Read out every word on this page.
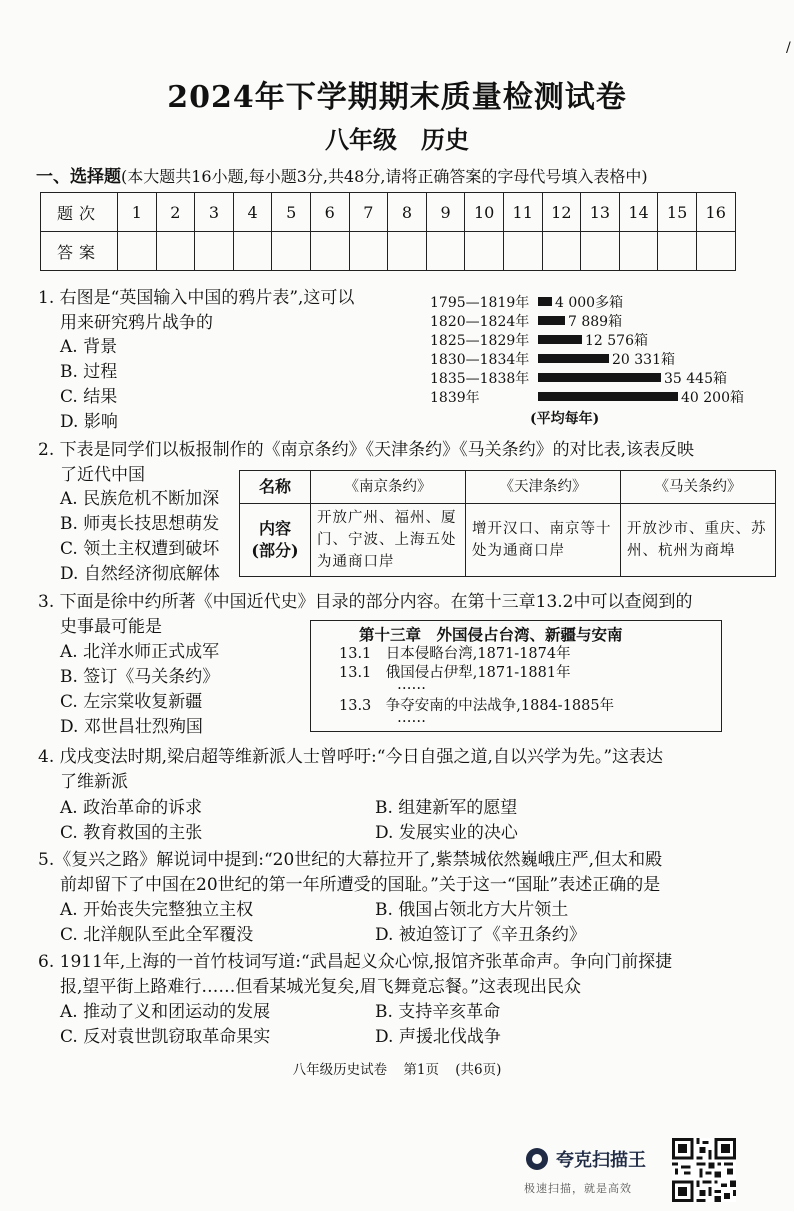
/
2024年下学期期末质量检测试卷
八年级　历史
一、选择题(本大题共16小题,每小题3分,共48分,请将正确答案的字母代号填入表格中)
题次	1	2	3	4	5	6	7	8	9	10	11	12	13	14	15	16
答案																
1. 右图是“英国输入中国的鸦片表”,这可以
用来研究鸦片战争的
A. 背景
B. 过程
C. 结果
D. 影响	(平均每年)
1795—1819年	4 000多箱
1820—1824年	7 889箱
1825—1829年	12 576箱
1830—1834年	20 331箱
1835—1838年	35 445箱
1839年	40 200箱
2. 下表是同学们以板报制作的《南京条约》《天津条约》《马关条约》的对比表,该表反映
了近代中国
A. 民族危机不断加深
B. 师夷长技思想萌发
C. 领土主权遭到破坏
D. 自然经济彻底解体
名称	《南京条约》	《天津条约》	《马关条约》

内容
(部分)	开放广州、福州、厦门、宁波、上海五处为通商口岸	增开汉口、南京等十处为通商口岸	开放沙市、重庆、苏州、杭州为商埠
3. 下面是徐中约所著《中国近代史》目录的部分内容。在第十三章13.2中可以查阅到的
史事最可能是
A. 北洋水师正式成军
B. 签订《马关条约》
C. 左宗棠收复新疆
D. 邓世昌壮烈殉国
第十三章　外国侵占台湾、新疆与安南
13.1　日本侵略台湾,1871-1874年
13.1　俄国侵占伊犁,1871-1881年
……
13.3　争夺安南的中法战争,1884-1885年
……
4. 戊戌变法时期,梁启超等维新派人士曾呼吁:“今日自强之道,自以兴学为先。”这表达
了维新派
A. 政治革命的诉求	B. 组建新军的愿望
C. 教育救国的主张	D. 发展实业的决心
5.《复兴之路》解说词中提到:“20世纪的大幕拉开了,紫禁城依然巍峨庄严,但太和殿
前却留下了中国在20世纪的第一年所遭受的国耻。”关于这一“国耻”表述正确的是
A. 开始丧失完整独立主权	B. 俄国占领北方大片领土
C. 北洋舰队至此全军覆没	D. 被迫签订了《辛丑条约》
6. 1911年,上海的一首竹枝词写道:“武昌起义众心惊,报馆齐张革命声。争向门前探捷
报,望平街上路难行……但看某城光复矣,眉飞舞竟忘餐。”这表现出民众
A. 推动了义和团运动的发展	B. 支持辛亥革命
C. 反对袁世凯窃取革命果实	D. 声援北伐战争
八年级历史试卷 第1页 (共6页)
夸克扫描王
极速扫描，就是高效
